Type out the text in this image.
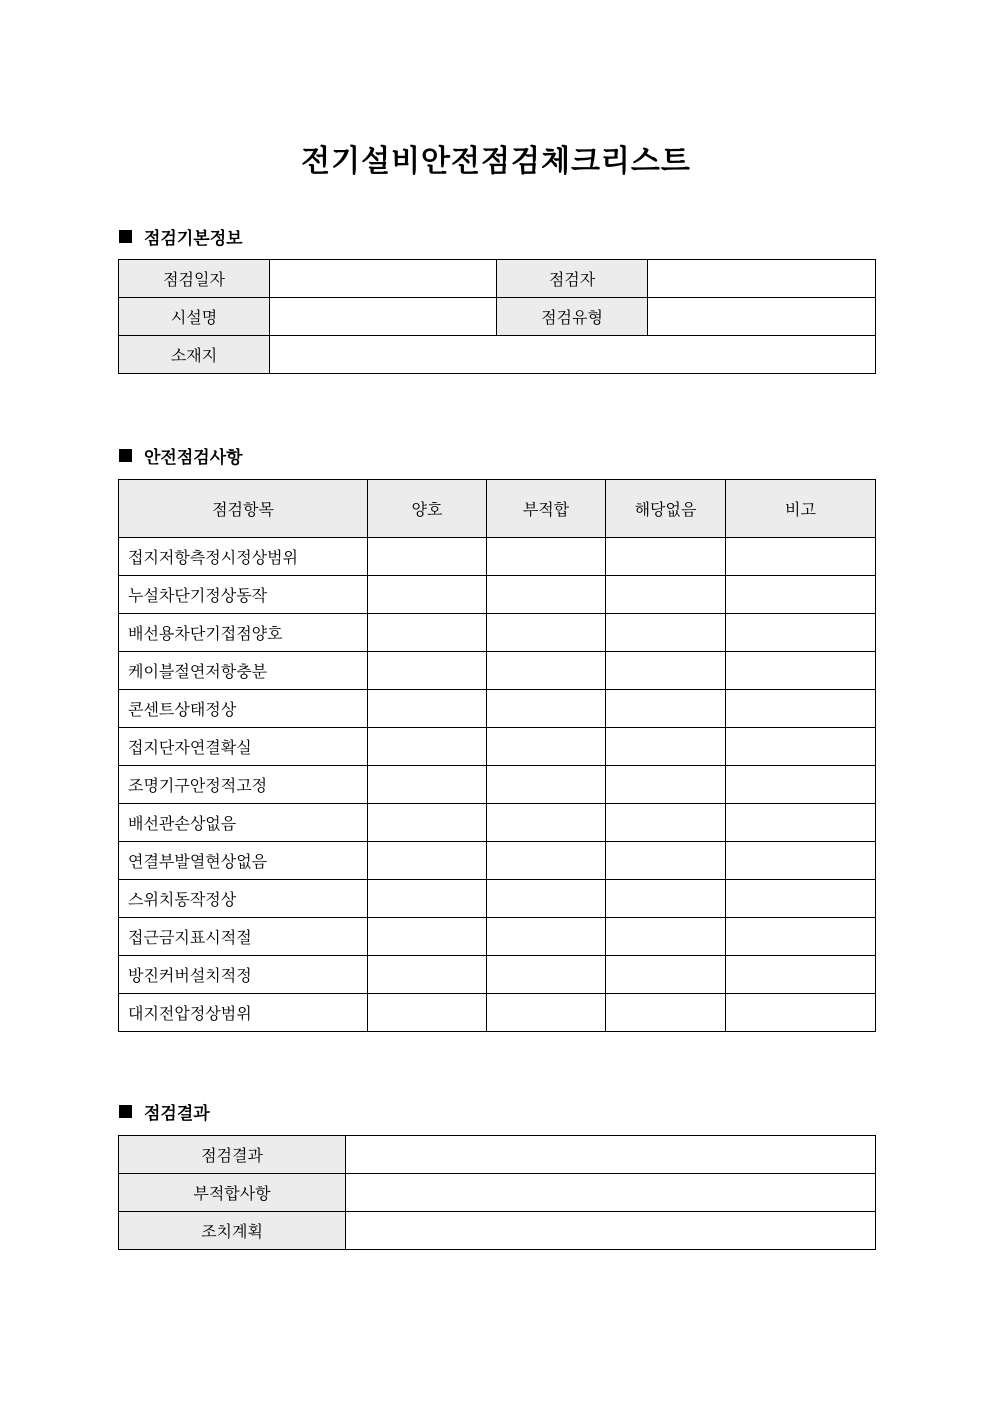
전기설비안전점검체크리스트
점검기본정보
점검일자		점검자	
시설명		점검유형	
소재지			
안전점검사항
점검항목	양호	부적합	해당없음	비고
접지저항측정시정상범위				
누설차단기정상동작				
배선용차단기접점양호				
케이블절연저항충분				
콘센트상태정상				
접지단자연결확실				
조명기구안정적고정				
배선관손상없음				
연결부발열현상없음				
스위치동작정상				
접근금지표시적절				
방진커버설치적정				
대지전압정상범위				
점검결과
점검결과	
부적합사항	
조치계획	
